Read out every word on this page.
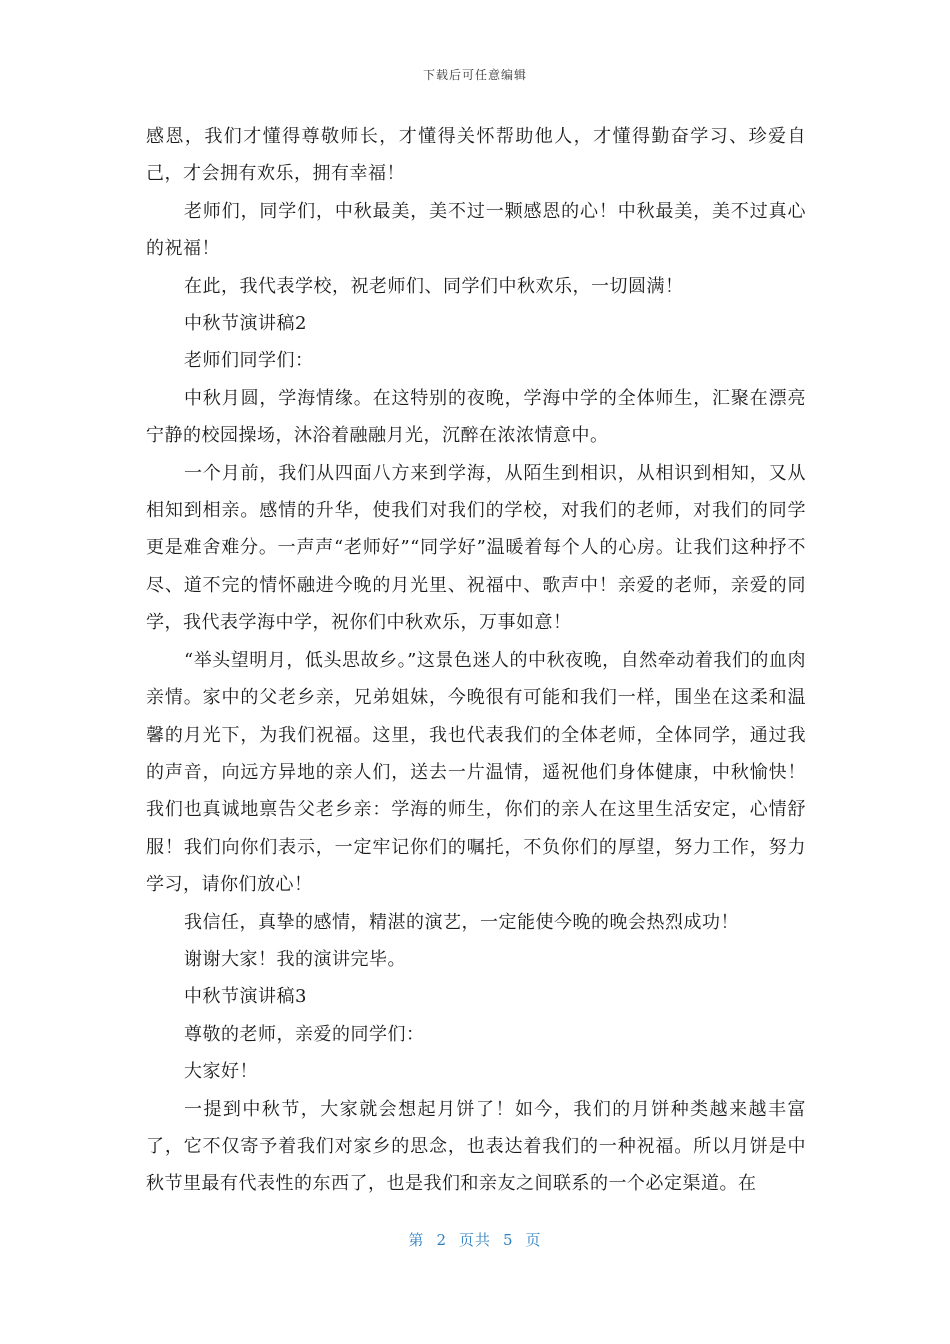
下载后可任意编辑

感恩，我们才懂得尊敬师长，才懂得关怀帮助他人，才懂得勤奋学习、珍爱自己，才会拥有欢乐，拥有幸福！

老师们，同学们，中秋最美，美不过一颗感恩的心！中秋最美，美不过真心的祝福！

在此，我代表学校，祝老师们、同学们中秋欢乐，一切圆满！

中秋节演讲稿2

老师们同学们：

中秋月圆，学海情缘。在这特别的夜晚，学海中学的全体师生，汇聚在漂亮宁静的校园操场，沐浴着融融月光，沉醉在浓浓情意中。

一个月前，我们从四面八方来到学海，从陌生到相识，从相识到相知，又从相知到相亲。感情的升华，使我们对我们的学校，对我们的老师，对我们的同学更是难舍难分。一声声“老师好”“同学好”温暖着每个人的心房。让我们这种抒不尽、道不完的情怀融进今晚的月光里、祝福中、歌声中！亲爱的老师，亲爱的同学，我代表学海中学，祝你们中秋欢乐，万事如意！

“举头望明月，低头思故乡。”这景色迷人的中秋夜晚，自然牵动着我们的血肉亲情。家中的父老乡亲，兄弟姐妹，今晚很有可能和我们一样，围坐在这柔和温馨的月光下，为我们祝福。这里，我也代表我们的全体老师，全体同学，通过我的声音，向远方异地的亲人们，送去一片温情，遥祝他们身体健康，中秋愉快！我们也真诚地禀告父老乡亲：学海的师生，你们的亲人在这里生活安定，心情舒服！我们向你们表示，一定牢记你们的嘱托，不负你们的厚望，努力工作，努力学习，请你们放心！

我信任，真挚的感情，精湛的演艺，一定能使今晚的晚会热烈成功！

谢谢大家！我的演讲完毕。

中秋节演讲稿3

尊敬的老师，亲爱的同学们：

大家好！

一提到中秋节，大家就会想起月饼了！如今，我们的月饼种类越来越丰富了，它不仅寄予着我们对家乡的思念，也表达着我们的一种祝福。所以月饼是中秋节里最有代表性的东西了，也是我们和亲友之间联系的一个必定渠道。在

第 2 页共 5 页
